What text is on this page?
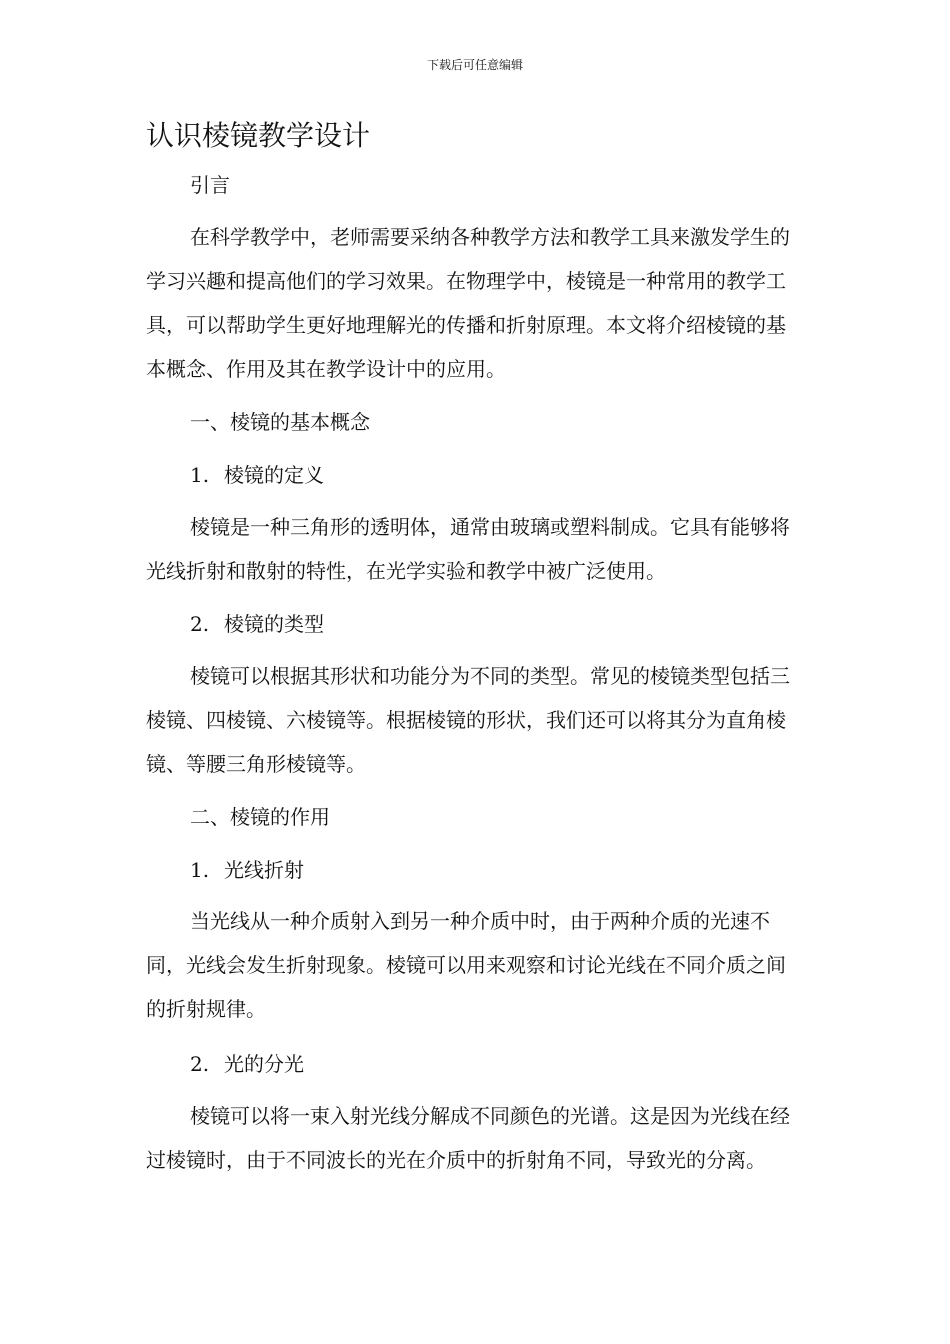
下载后可任意编辑
认识棱镜教学设计

引言

在科学教学中，老师需要采纳各种教学方法和教学工具来激发学生的学习兴趣和提高他们的学习效果。在物理学中，棱镜是一种常用的教学工具，可以帮助学生更好地理解光的传播和折射原理。本文将介绍棱镜的基本概念、作用及其在教学设计中的应用。

一、棱镜的基本概念

1. 棱镜的定义

棱镜是一种三角形的透明体，通常由玻璃或塑料制成。它具有能够将光线折射和散射的特性，在光学实验和教学中被广泛使用。

2. 棱镜的类型

棱镜可以根据其形状和功能分为不同的类型。常见的棱镜类型包括三棱镜、四棱镜、六棱镜等。根据棱镜的形状，我们还可以将其分为直角棱镜、等腰三角形棱镜等。

二、棱镜的作用

1. 光线折射

当光线从一种介质射入到另一种介质中时，由于两种介质的光速不同，光线会发生折射现象。棱镜可以用来观察和讨论光线在不同介质之间的折射规律。

2. 光的分光

棱镜可以将一束入射光线分解成不同颜色的光谱。这是因为光线在经过棱镜时，由于不同波长的光在介质中的折射角不同，导致光的分离。
